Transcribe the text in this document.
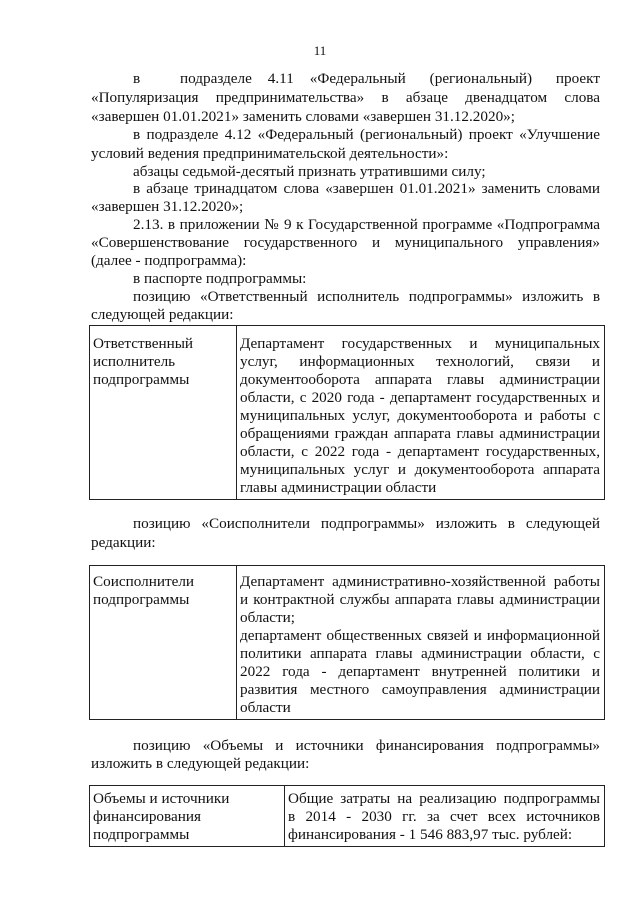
11
в     подразделе  4.11  «Федеральный   (региональный)   проект
«Популяризация предпринимательства» в абзаце двенадцатом слова
«завершен 01.01.2021» заменить словами «завершен 31.12.2020»;
в подразделе 4.12 «Федеральный (региональный) проект «Улучшение
условий ведения предпринимательской деятельности»:
абзацы седьмой-десятый признать утратившими силу;
в абзаце тринадцатом слова «завершен 01.01.2021» заменить словами
«завершен 31.12.2020»;
2.13. в приложении № 9 к Государственной программе «Подпрограмма
«Совершенствование государственного и муниципального управления»
(далее - подпрограмма):
в паспорте подпрограммы:
позицию «Ответственный исполнитель подпрограммы» изложить в
следующей редакции:
Ответственный
исполнитель
подпрограммы

Департамент государственных и муниципальных
услуг, информационных технологий, связи и
документооборота аппарата главы администрации
области, с 2020 года - департамент государственных и
муниципальных услуг, документооборота и работы с
обращениями граждан аппарата главы администрации
области, с 2022 года - департамент государственных,
муниципальных услуг и документооборота аппарата
главы администрации области
позицию «Соисполнители подпрограммы» изложить в следующей
редакции:
Соисполнители
подпрограммы

Департамент административно-хозяйственной работы
и контрактной службы аппарата главы администрации
области;
департамент общественных связей и информационной
политики аппарата главы администрации области, с
2022 года - департамент внутренней политики и
развития местного самоуправления администрации
области
позицию «Объемы и источники финансирования подпрограммы»
изложить в следующей редакции:
Объемы и источники
финансирования
подпрограммы

Общие затраты на реализацию подпрограммы
в 2014 - 2030 гг. за счет всех источников
финансирования - 1 546 883,97 тыс. рублей:
